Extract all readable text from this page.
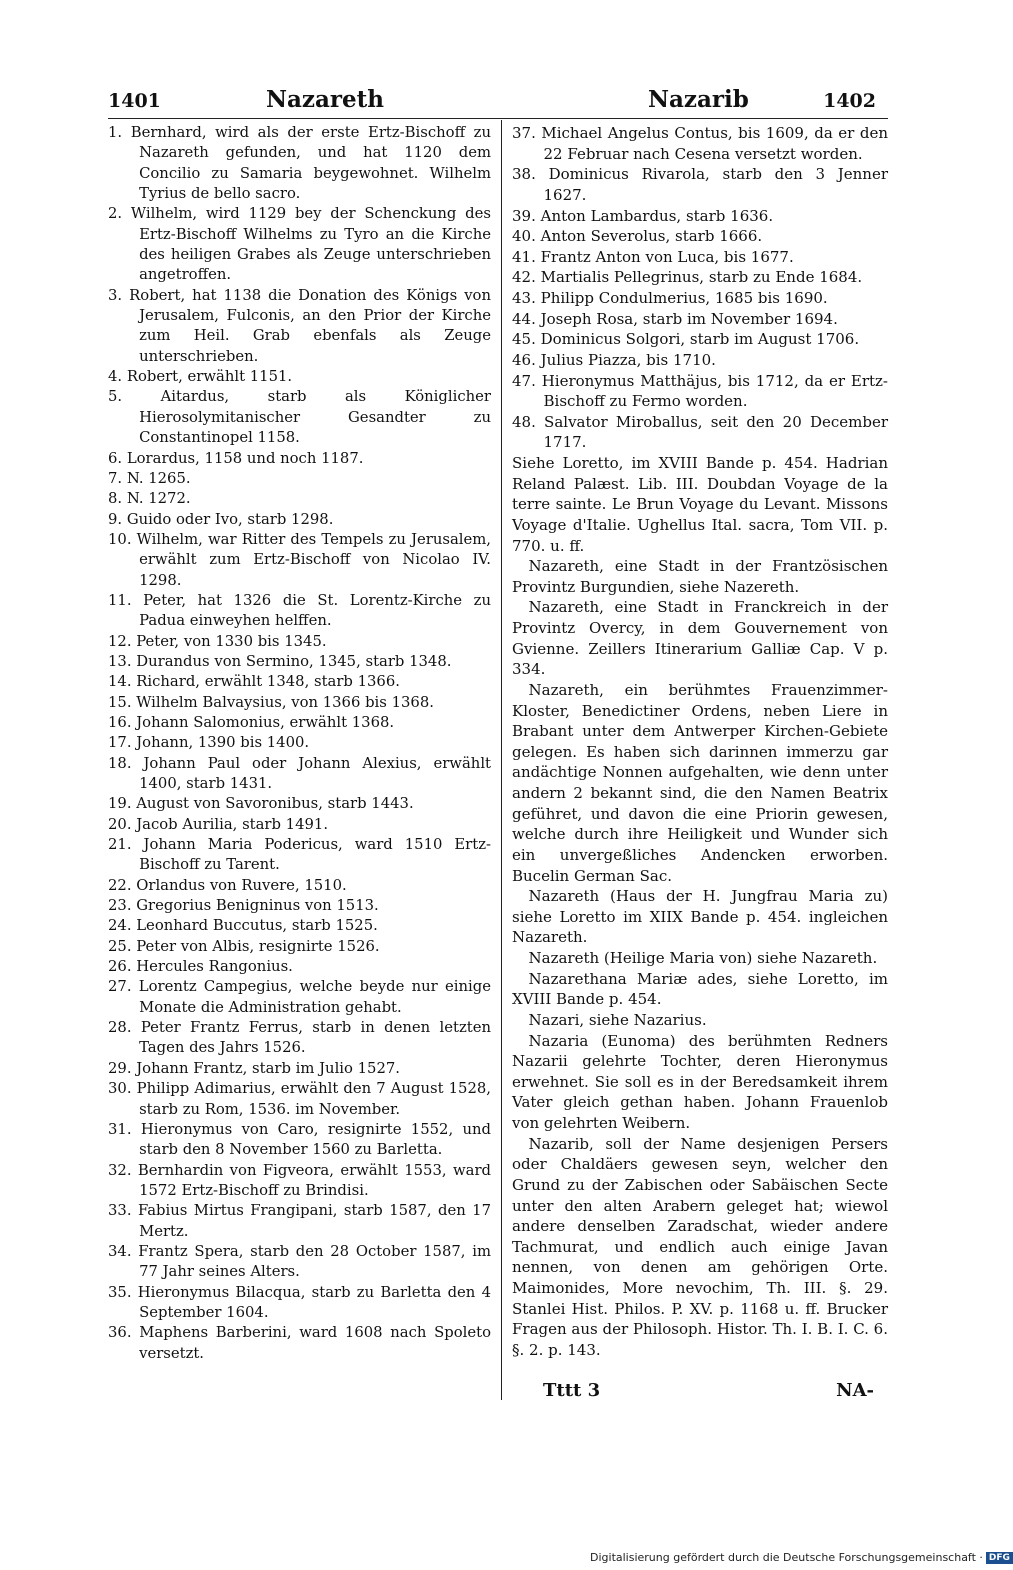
1401	Nazareth	Nazarib	1402

1. Bernhard, wird als der erste Ertz-Bischoff zu Nazareth gefunden, und hat 1120 dem Concilio zu Samaria beygewohnet. Wilhelm Tyrius de bello sacro.

2. Wilhelm, wird 1129 bey der Schenckung des Ertz-Bischoff Wilhelms zu Tyro an die Kirche des heiligen Grabes als Zeuge unterschrieben angetroffen.

3. Robert, hat 1138 die Donation des Königs von Jerusalem, Fulconis, an den Prior der Kirche zum Heil. Grab ebenfals als Zeuge unterschrieben.

4. Robert, erwählt 1151.

5. Aitardus, starb als Königlicher Hierosolymitanischer Gesandter zu Constantinopel 1158.

6. Lorardus, 1158 und noch 1187.

7. N. 1265.

8. N. 1272.

9. Guido oder Ivo, starb 1298.

10. Wilhelm, war Ritter des Tempels zu Jerusalem, erwählt zum Ertz-Bischoff von Nicolao IV. 1298.

11. Peter, hat 1326 die St. Lorentz-Kirche zu Padua einweyhen helffen.

12. Peter, von 1330 bis 1345.

13. Durandus von Sermino, 1345, starb 1348.

14. Richard, erwählt 1348, starb 1366.

15. Wilhelm Balvaysius, von 1366 bis 1368.

16. Johann Salomonius, erwählt 1368.

17. Johann, 1390 bis 1400.

18. Johann Paul oder Johann Alexius, erwählt 1400, starb 1431.

19. August von Savoronibus, starb 1443.

20. Jacob Aurilia, starb 1491.

21. Johann Maria Podericus, ward 1510 Ertz-Bischoff zu Tarent.

22. Orlandus von Ruvere, 1510.

23. Gregorius Benigninus von 1513.

24. Leonhard Buccutus, starb 1525.

25. Peter von Albis, resignirte 1526.

26. Hercules Rangonius.

27. Lorentz Campegius, welche beyde nur einige Monate die Administration gehabt.

28. Peter Frantz Ferrus, starb in denen letzten Tagen des Jahrs 1526.

29. Johann Frantz, starb im Julio 1527.

30. Philipp Adimarius, erwählt den 7 August 1528, starb zu Rom, 1536. im November.

31. Hieronymus von Caro, resignirte 1552, und starb den 8 November 1560 zu Barletta.

32. Bernhardin von Figveora, erwählt 1553, ward 1572 Ertz-Bischoff zu Brindisi.

33. Fabius Mirtus Frangipani, starb 1587, den 17 Mertz.

34. Frantz Spera, starb den 28 October 1587, im 77 Jahr seines Alters.

35. Hieronymus Bilacqua, starb zu Barletta den 4 September 1604.

36. Maphens Barberini, ward 1608 nach Spoleto versetzt.

37. Michael Angelus Contus, bis 1609, da er den 22 Februar nach Cesena versetzt worden.

38. Dominicus Rivarola, starb den 3 Jenner 1627.

39. Anton Lambardus, starb 1636.

40. Anton Severolus, starb 1666.

41. Frantz Anton von Luca, bis 1677.

42. Martialis Pellegrinus, starb zu Ende 1684.

43. Philipp Condulmerius, 1685 bis 1690.

44. Joseph Rosa, starb im November 1694.

45. Dominicus Solgori, starb im August 1706.

46. Julius Piazza, bis 1710.

47. Hieronymus Matthäjus, bis 1712, da er Ertz-Bischoff zu Fermo worden.

48. Salvator Miroballus, seit den 20 December 1717.

Siehe Loretto, im XVIII Bande p. 454. Hadrian Reland Palæst. Lib. III. Doubdan Voyage de la terre sainte. Le Brun Voyage du Levant. Missons Voyage d'Italie. Ughellus Ital. sacra, Tom VII. p. 770. u. ff.

Nazareth, eine Stadt in der Frantzösischen Provintz Burgundien, siehe Nazereth.

Nazareth, eine Stadt in Franckreich in der Provintz Overcy, in dem Gouvernement von Gvienne. Zeillers Itinerarium Galliæ Cap. V p. 334.

Nazareth, ein berühmtes Frauenzimmer-Kloster, Benedictiner Ordens, neben Liere in Brabant unter dem Antwerper Kirchen-Gebiete gelegen. Es haben sich darinnen immerzu gar andächtige Nonnen aufgehalten, wie denn unter andern 2 bekannt sind, die den Namen Beatrix geführet, und davon die eine Priorin gewesen, welche durch ihre Heiligkeit und Wunder sich ein unvergeßliches Andencken erworben. Bucelin German Sac.

Nazareth (Haus der H. Jungfrau Maria zu) siehe Loretto im XIIX Bande p. 454. ingleichen Nazareth.

Nazareth (Heilige Maria von) siehe Nazareth.

Nazarethana Mariæ ades, siehe Loretto, im XVIII Bande p. 454.

Nazari, siehe Nazarius.

Nazaria (Eunoma) des berühmten Redners Nazarii gelehrte Tochter, deren Hieronymus erwehnet. Sie soll es in der Beredsamkeit ihrem Vater gleich gethan haben. Johann Frauenlob von gelehrten Weibern.

Nazarib, soll der Name desjenigen Persers oder Chaldäers gewesen seyn, welcher den Grund zu der Zabischen oder Sabäischen Secte unter den alten Arabern geleget hat; wiewol andere denselben Zaradschat, wieder andere Tachmurat, und endlich auch einige Javan nennen, von denen am gehörigen Orte. Maimonides, More nevochim, Th. III. §. 29. Stanlei Hist. Philos. P. XV. p. 1168 u. ff. Brucker Fragen aus der Philosoph. Histor. Th. I. B. I. C. 6. §. 2. p. 143.

Tttt 3	NA-
Digitalisierung gefördert durch die Deutsche Forschungsgemeinschaft · DFG
